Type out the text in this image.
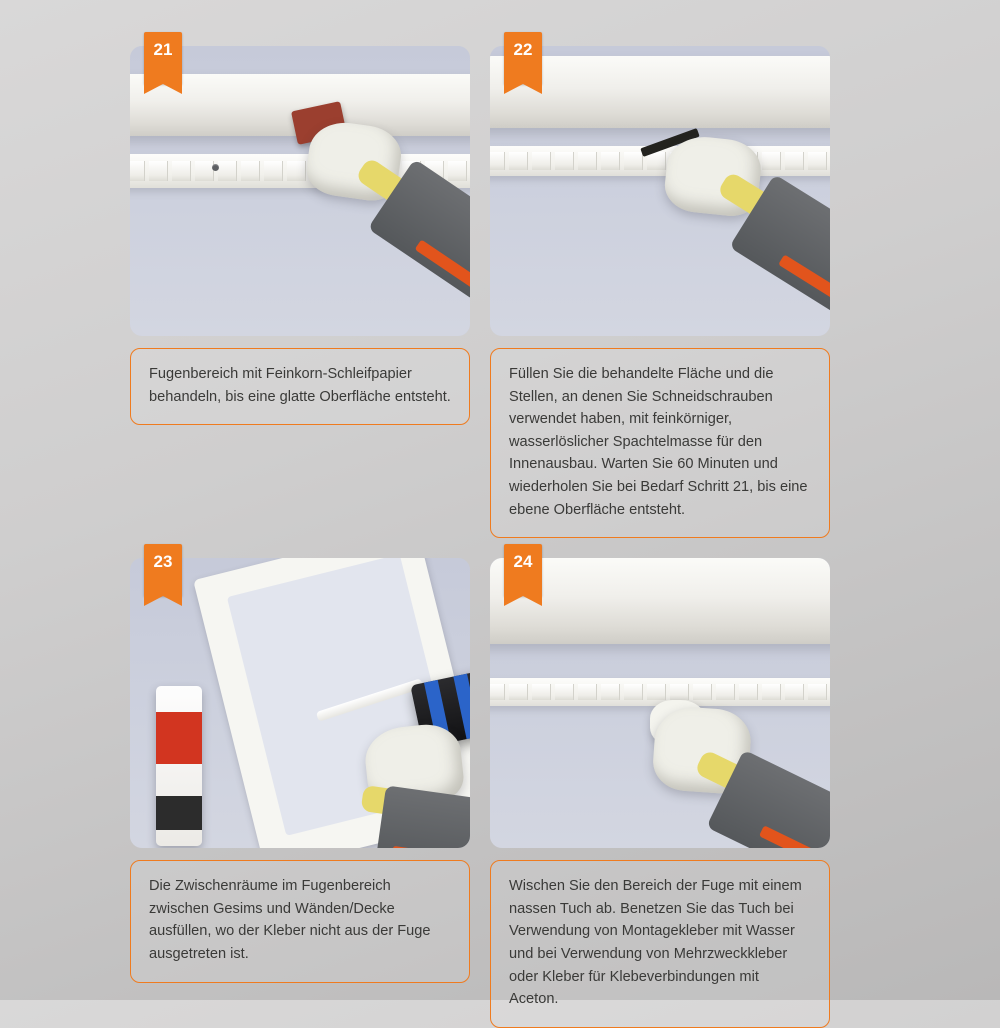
21
Fugenbereich mit Feinkorn-Schleifpapier behandeln, bis eine glatte Oberfläche entsteht.
22
Füllen Sie die behandelte Fläche und die Stellen, an denen Sie Schneidschrauben verwendet haben, mit feinkörniger, wasserlöslicher Spachtelmasse für den Innenausbau. Warten Sie 60 Minuten und wiederholen Sie bei Bedarf Schritt 21, bis eine ebene Oberfläche entsteht.
23
Die Zwischenräume im Fugenbereich zwischen Gesims und Wänden/Decke ausfüllen, wo der Kleber nicht aus der Fuge ausgetreten ist.
24
Wischen Sie den Bereich der Fuge mit einem nassen Tuch ab. Benetzen Sie das Tuch bei Verwendung von Montagekleber mit Wasser und bei Verwendung von Mehrzweckkleber oder Kleber für Klebeverbindungen mit Aceton.
